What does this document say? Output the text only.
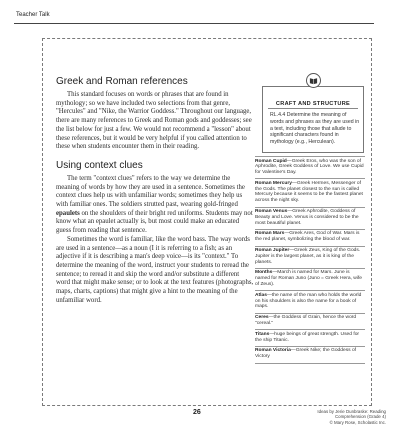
Teacher Talk
Greek and Roman references

This standard focuses on words or phrases that are found in mythology; so we have included two selections from that genre, "Hercules" and "Nike, the Warrior Goddess." Throughout our language, there are many references to Greek and Roman gods and goddesses; see the list below for just a few. We would not recommend a "lesson" about these references, but it would be very helpful if you called attention to these when students encounter them in their reading.

Using context clues

The term "context clues" refers to the way we determine the meaning of words by how they are used in a sentence. Sometimes the context clues help us with unfamiliar words; sometimes they help us with familiar ones. The soldiers strutted past, wearing gold-fringed epaulets on the shoulders of their bright red uniforms. Students may not know what an epaulet actually is, but most could make an educated guess from reading that sentence.

Sometimes the word is familiar, like the word bass. The way words are used in a sentence—as a noun (I it is referring to a fish; as an adjective if it is describing a man's deep voice—is its "context." To determine the meaning of the word, instruct your students to reread the sentence; to reread it and skip the word and/or substitute a different word that might make sense; or to look at the text features (photographs, maps, charts, captions) that might give a hint to the meaning of the unfamiliar word.

CRAFT AND STRUCTURE
RL.4.4 Determine the meaning of words and phrases as they are used in a text, including those that allude to significant characters found in mythology (e.g., Herculean).
Roman Cupid—Greek Eros, who was the son of Aphrodite, Greek Goddess of Love. We use Cupid for Valentine's Day.
Roman Mercury—Greek Hermes, Messenger of the Gods. The planet closest to the sun is called Mercury because it seems to be the fastest planet across the night sky.
Roman Venus—Greek Aphrodite, Goddess of Beauty and Love. Venus is considered to be the most beautiful planet.
Roman Mars—Greek Ares, God of War. Mars is the red planet, symbolizing the blood of war.
Roman Jupiter—Greek Zeus, King of the Gods. Jupiter is the largest planet, as it is king of the planets.
Months—March is named for Mars. June is named for Roman Juno (Juno = Greek Hera, wife of Zeus).
Atlas—the name of the man who holds the world on his shoulders is also the name for a book of maps.
Ceres—the Goddess of Grain, hence the word "cereal."
Titans—huge beings of great strength. Used for the ship Titanic.
Roman Victoria—Greek Nike; the Goddess of Victory
26	Ideas by Jerie Dunbraske: Reading Comprehension (Grade 4)
© Mary Rose, Scholastic Inc.
